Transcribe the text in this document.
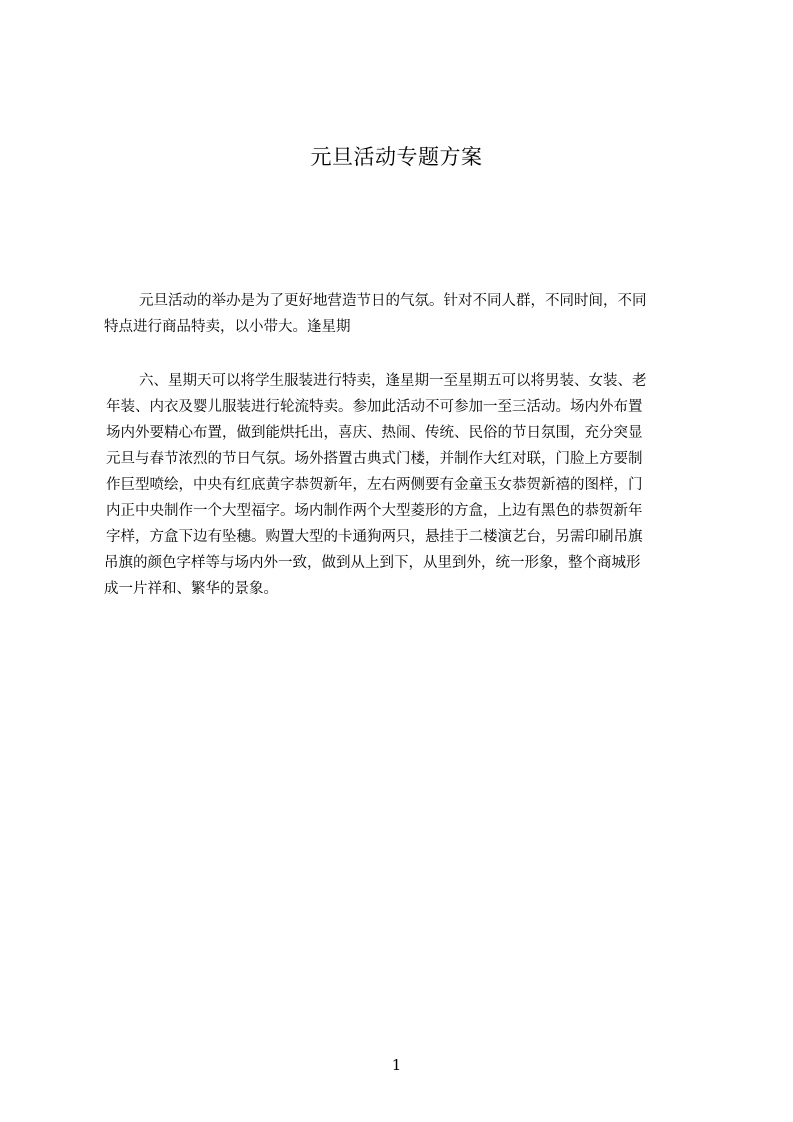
元旦活动专题方案
元旦活动的举办是为了更好地营造节日的气氛。针对不同人群，不同时间，不同
特点进行商品特卖，以小带大。逢星期
六、星期天可以将学生服装进行特卖，逢星期一至星期五可以将男装、女装、老
年装、内衣及婴儿服装进行轮流特卖。参加此活动不可参加一至三活动。场内外布置
场内外要精心布置，做到能烘托出，喜庆、热闹、传统、民俗的节日氛围，充分突显
元旦与春节浓烈的节日气氛。场外搭置古典式门楼，并制作大红对联，门脸上方要制
作巨型喷绘，中央有红底黄字恭贺新年，左右两侧要有金童玉女恭贺新禧的图样，门
内正中央制作一个大型福字。场内制作两个大型菱形的方盒，上边有黑色的恭贺新年
字样，方盒下边有坠穗。购置大型的卡通狗两只，悬挂于二楼演艺台，另需印刷吊旗
吊旗的颜色字样等与场内外一致，做到从上到下，从里到外，统一形象，整个商城形
成一片祥和、繁华的景象。
1
